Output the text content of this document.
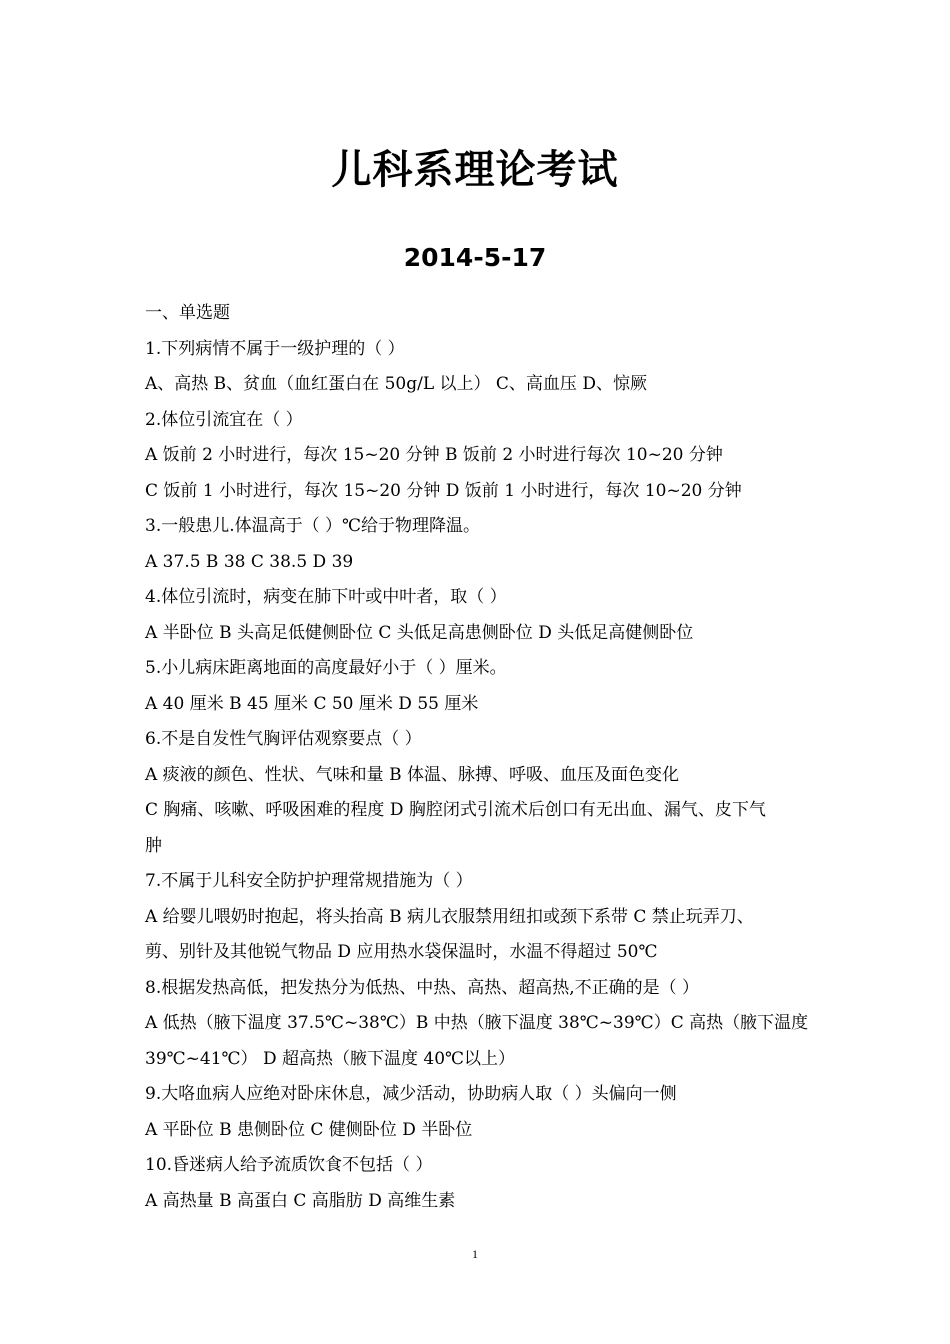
儿科系理论考试
2014-5-17
一、单选题
1.下列病情不属于一级护理的（ ）
A、高热 B、贫血（血红蛋白在 50g/L 以上） C、高血压 D、惊厥
2.体位引流宜在（ ）
A 饭前 2 小时进行，每次 15~20 分钟 B 饭前 2 小时进行每次 10~20 分钟
C 饭前 1 小时进行，每次 15~20 分钟 D 饭前 1 小时进行，每次 10~20 分钟
3.一般患儿.体温高于（ ）℃给于物理降温。
A 37.5 B 38 C 38.5 D 39
4.体位引流时，病变在肺下叶或中叶者，取（ ）
A 半卧位 B 头高足低健侧卧位 C 头低足高患侧卧位 D 头低足高健侧卧位
5.小儿病床距离地面的高度最好小于（ ）厘米。
A 40 厘米 B 45 厘米 C 50 厘米 D 55 厘米
6.不是自发性气胸评估观察要点（ ）
A 痰液的颜色、性状、气味和量 B 体温、脉搏、呼吸、血压及面色变化
C 胸痛、咳嗽、呼吸困难的程度 D 胸腔闭式引流术后创口有无出血、漏气、皮下气
肿
7.不属于儿科安全防护护理常规措施为（ ）
A 给婴儿喂奶时抱起，将头抬高 B 病儿衣服禁用纽扣或颈下系带 C 禁止玩弄刀、
剪、别针及其他锐气物品 D 应用热水袋保温时，水温不得超过 50℃
8.根据发热高低，把发热分为低热、中热、高热、超高热,不正确的是（ ）
A 低热（腋下温度 37.5℃~38℃）B 中热（腋下温度 38℃~39℃）C 高热（腋下温度
39℃~41℃） D 超高热（腋下温度 40℃以上）
9.大咯血病人应绝对卧床休息，减少活动，协助病人取（ ）头偏向一侧
A 平卧位 B 患侧卧位 C 健侧卧位 D 半卧位
10.昏迷病人给予流质饮食不包括（ ）
A 高热量 B 高蛋白 C 高脂肪 D 高维生素
1
